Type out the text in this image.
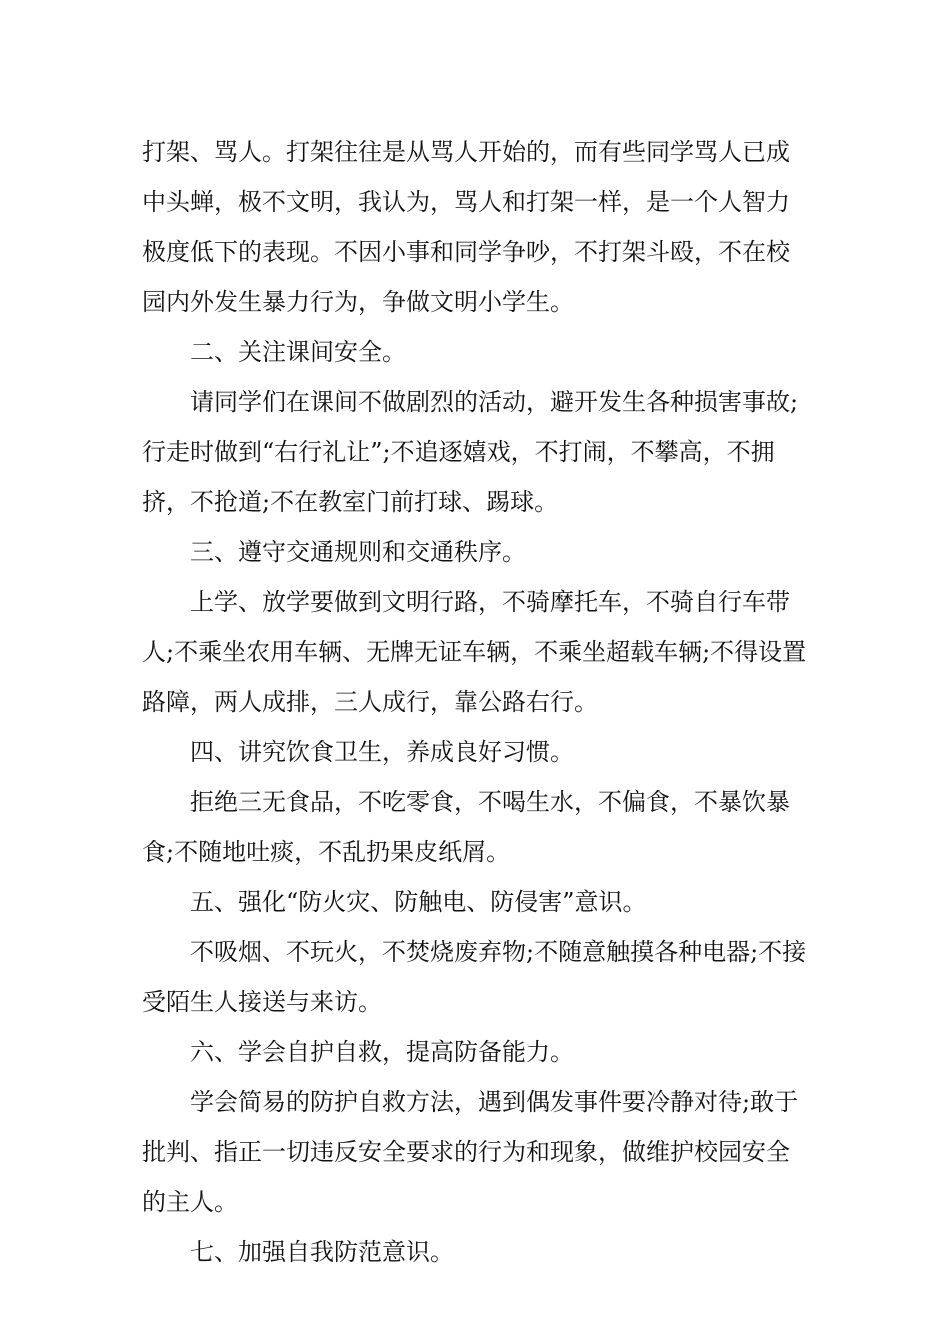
打架、骂人。打架往往是从骂人开始的，而有些同学骂人已成中头蝉，极不文明，我认为，骂人和打架一样，是一个人智力极度低下的表现。不因小事和同学争吵，不打架斗殴，不在校园内外发生暴力行为，争做文明小学生。

二、关注课间安全。

请同学们在课间不做剧烈的活动，避开发生各种损害事故;行走时做到“右行礼让”;不追逐嬉戏，不打闹，不攀高，不拥挤，不抢道;不在教室门前打球、踢球。

三、遵守交通规则和交通秩序。

上学、放学要做到文明行路，不骑摩托车，不骑自行车带人;不乘坐农用车辆、无牌无证车辆，不乘坐超载车辆;不得设置路障，两人成排，三人成行，靠公路右行。

四、讲究饮食卫生，养成良好习惯。

拒绝三无食品，不吃零食，不喝生水，不偏食，不暴饮暴食;不随地吐痰，不乱扔果皮纸屑。

五、强化“防火灾、防触电、防侵害”意识。

不吸烟、不玩火，不焚烧废弃物;不随意触摸各种电器;不接受陌生人接送与来访。

六、学会自护自救，提高防备能力。

学会简易的防护自救方法，遇到偶发事件要冷静对待;敢于批判、指正一切违反安全要求的行为和现象，做维护校园安全的主人。

七、加强自我防范意识。
